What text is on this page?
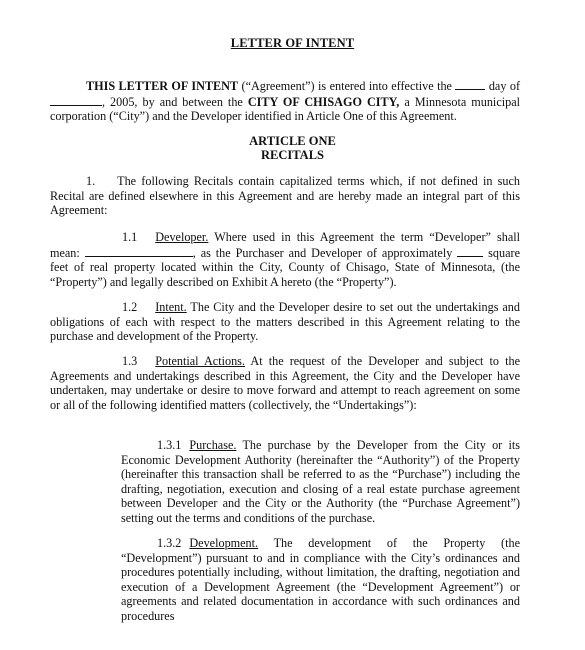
LETTER OF INTENT
THIS LETTER OF INTENT (“Agreement”) is entered into effective the  day of , 2005, by and between the CITY OF CHISAGO CITY, a Minnesota municipal corporation (“City”) and the Developer identified in Article One of this Agreement.
ARTICLE ONE
RECITALS
1. The following Recitals contain capitalized terms which, if not defined in such Recital are defined elsewhere in this Agreement and are hereby made an integral part of this Agreement:
1.1 Developer. Where used in this Agreement the term “Developer” shall mean:	, as the Purchaser and Developer of approximately  square feet of real property located within the City, County of Chisago, State of Minnesota, (the “Property”) and legally described on Exhibit A hereto (the “Property”).
1.2 Intent. The City and the Developer desire to set out the undertakings and obligations of each with respect to the matters described in this Agreement relating to the purchase and development of the Property.
1.3 Potential Actions. At the request of the Developer and subject to the Agreements and undertakings described in this Agreement, the City and the Developer have undertaken, may undertake or desire to move forward and attempt to reach agreement on some or all of the following identified matters (collectively, the “Undertakings”):
1.3.1 Purchase. The purchase by the Developer from the City or its Economic Development Authority (hereinafter the “Authority”) of the Property (hereinafter this transaction shall be referred to as the “Purchase”) including the drafting, negotiation, execution and closing of a real estate purchase agreement between Developer and the City or the Authority (the “Purchase Agreement”) setting out the terms and conditions of the purchase.
1.3.2 Development. The development of the Property (the “Development”) pursuant to and in compliance with the City’s ordinances and procedures potentially including, without limitation, the drafting, negotiation and execution of a Development Agreement (the “Development Agreement”) or agreements and related documentation in accordance with such ordinances and procedures
